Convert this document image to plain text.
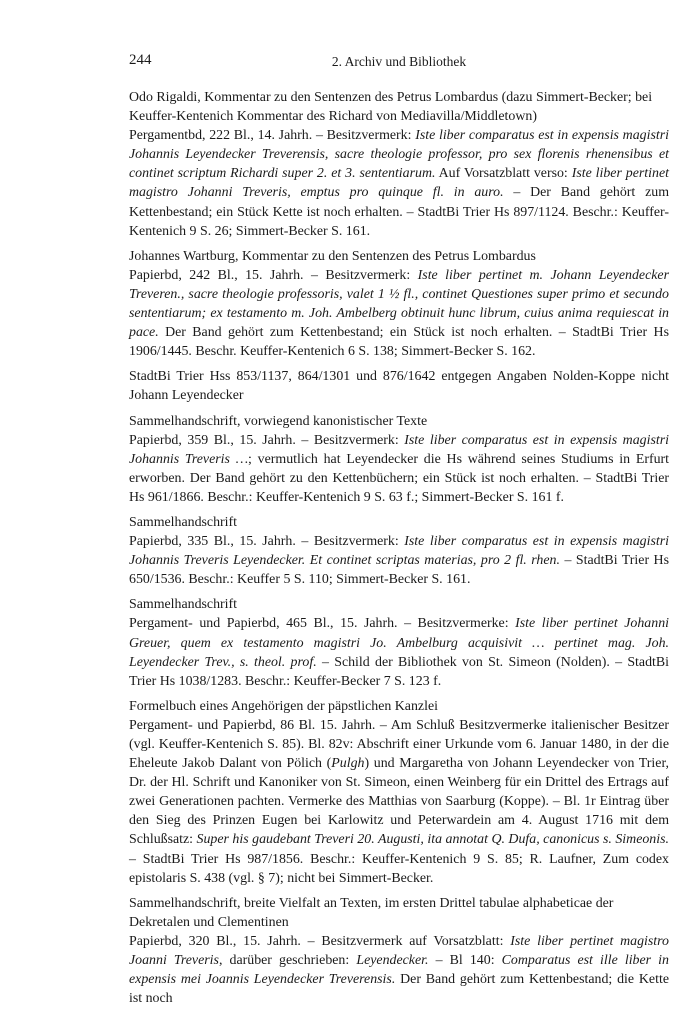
244	2. Archiv und Bibliothek

Odo Rigaldi, Kommentar zu den Sentenzen des Petrus Lombardus (dazu Simmert-Becker; bei Keuffer-Kentenich Kommentar des Richard von Mediavilla/Middletown)

Pergamentbd, 222 Bl., 14. Jahrh. – Besitzvermerk: Iste liber comparatus est in expensis magistri Johannis Leyendecker Treverensis, sacre theologie professor, pro sex florenis rhenensibus et continet scriptum Richardi super 2. et 3. sententiarum. Auf Vorsatzblatt verso: Iste liber pertinet magistro Johanni Treveris, emptus pro quinque fl. in auro. – Der Band gehört zum Kettenbestand; ein Stück Kette ist noch erhalten. – StadtBi Trier Hs 897/1124. Beschr.: Keuffer-Kentenich 9 S. 26; Simmert-Becker S. 161.

Johannes Wartburg, Kommentar zu den Sentenzen des Petrus Lombardus

Papierbd, 242 Bl., 15. Jahrh. – Besitzvermerk: Iste liber pertinet m. Johann Leyendecker Treveren., sacre theologie professoris, valet 1 ½ fl., continet Questiones super primo et secundo sententiarum; ex testamento m. Joh. Ambelberg obtinuit hunc librum, cuius anima requiescat in pace. Der Band gehört zum Kettenbestand; ein Stück ist noch erhalten. – StadtBi Trier Hs 1906/1445. Beschr. Keuffer-Kentenich 6 S. 138; Simmert-Becker S. 162.

StadtBi Trier Hss 853/1137, 864/1301 und 876/1642 entgegen Angaben Nolden-Koppe nicht Johann Leyendecker

Sammelhandschrift, vorwiegend kanonistischer Texte

Papierbd, 359 Bl., 15. Jahrh. – Besitzvermerk: Iste liber comparatus est in expensis magistri Johannis Treveris …; vermutlich hat Leyendecker die Hs während seines Studiums in Erfurt erworben. Der Band gehört zu den Kettenbüchern; ein Stück ist noch erhalten. – StadtBi Trier Hs 961/1866. Beschr.: Keuffer-Kentenich 9 S. 63 f.; Simmert-Becker S. 161 f.

Sammelhandschrift

Papierbd, 335 Bl., 15. Jahrh. – Besitzvermerk: Iste liber comparatus est in expensis magistri Johannis Treveris Leyendecker. Et continet scriptas materias, pro 2 fl. rhen. – StadtBi Trier Hs 650/1536. Beschr.: Keuffer 5 S. 110; Simmert-Becker S. 161.

Sammelhandschrift

Pergament- und Papierbd, 465 Bl., 15. Jahrh. – Besitzvermerke: Iste liber pertinet Johanni Greuer, quem ex testamento magistri Jo. Ambelburg acquisivit … pertinet mag. Joh. Leyendecker Trev., s. theol. prof. – Schild der Bibliothek von St. Simeon (Nolden). – StadtBi Trier Hs 1038/1283. Beschr.: Keuffer-Becker 7 S. 123 f.

Formelbuch eines Angehörigen der päpstlichen Kanzlei

Pergament- und Papierbd, 86 Bl. 15. Jahrh. – Am Schluß Besitzvermerke italienischer Besitzer (vgl. Keuffer-Kentenich S. 85). Bl. 82v: Abschrift einer Urkunde vom 6. Januar 1480, in der die Eheleute Jakob Dalant von Pölich (Pulgh) und Margaretha von Johann Leyendecker von Trier, Dr. der Hl. Schrift und Kanoniker von St. Simeon, einen Weinberg für ein Drittel des Ertrags auf zwei Generationen pachten. Vermerke des Matthias von Saarburg (Koppe). – Bl. 1r Eintrag über den Sieg des Prinzen Eugen bei Karlowitz und Peterwardein am 4. August 1716 mit dem Schlußsatz: Super his gaudebant Treveri 20. Augusti, ita annotat Q. Dufa, canonicus s. Simeonis. – StadtBi Trier Hs 987/1856. Beschr.: Keuffer-Kentenich 9 S. 85; R. Laufner, Zum codex epistolaris S. 438 (vgl. § 7); nicht bei Simmert-Becker.

Sammelhandschrift, breite Vielfalt an Texten, im ersten Drittel tabulae alphabeticae der Dekretalen und Clementinen

Papierbd, 320 Bl., 15. Jahrh. – Besitzvermerk auf Vorsatzblatt: Iste liber pertinet magistro Joanni Treveris, darüber geschrieben: Leyendecker. – Bl 140: Comparatus est ille liber in expensis mei Joannis Leyendecker Treverensis. Der Band gehört zum Kettenbestand; die Kette ist noch
